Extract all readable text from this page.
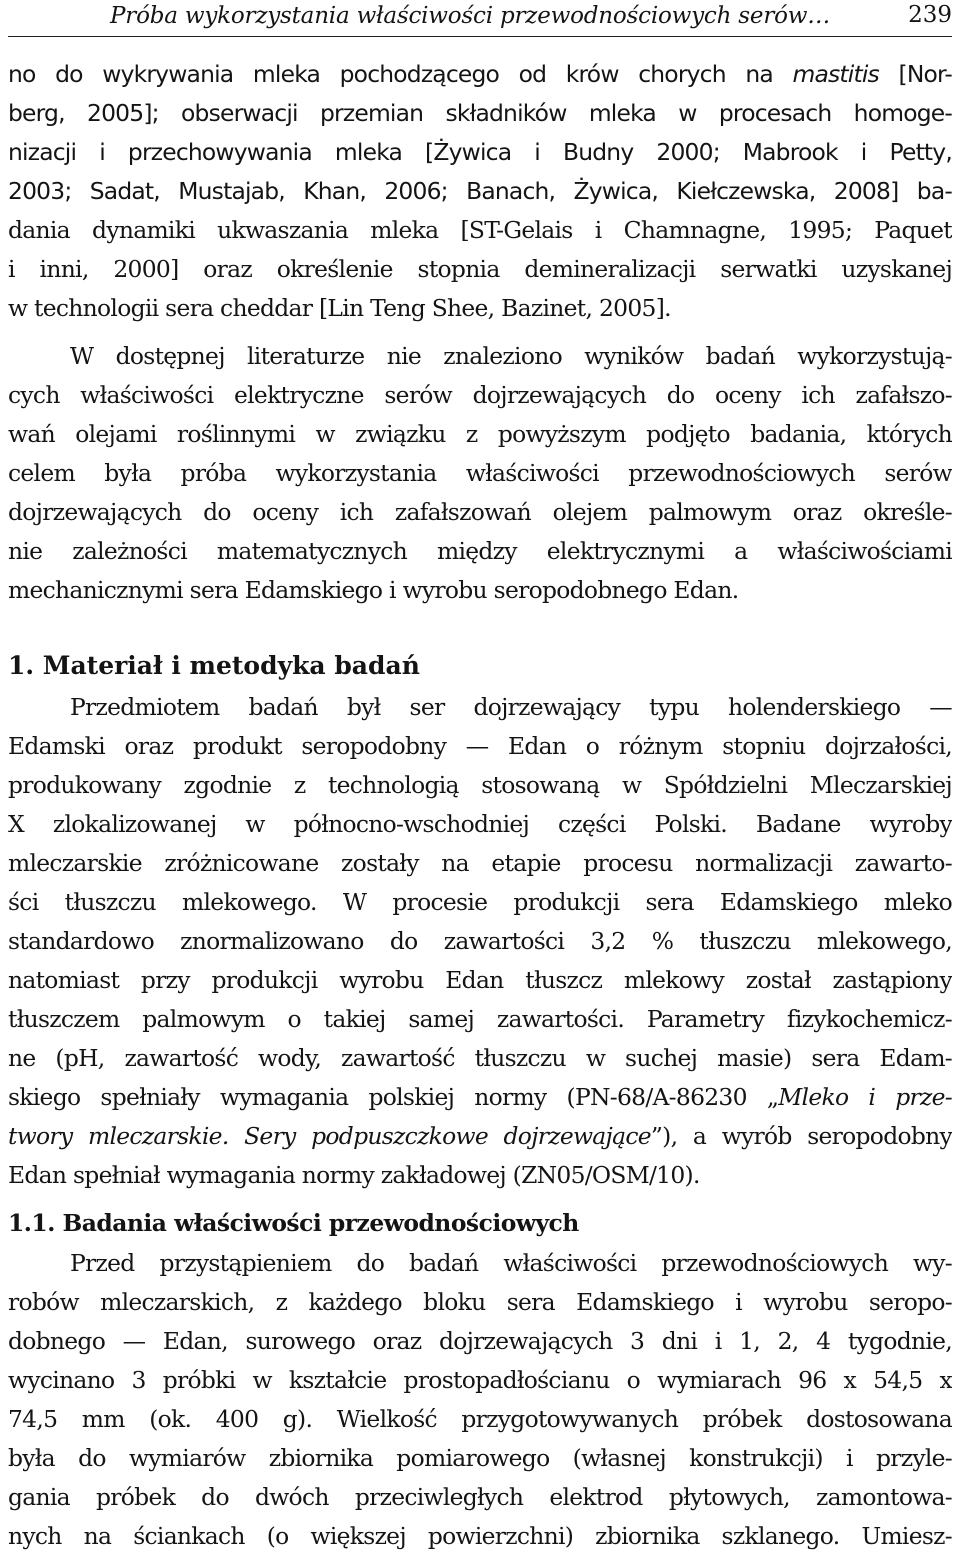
Próba wykorzystania właściwości przewodnościowych serów…	239
no do wykrywania mleka pochodzącego od krów chorych na mastitis [Nor-
berg, 2005]; obserwacji przemian składników mleka w procesach homoge-
nizacji i przechowywania mleka [Żywica i Budny 2000; Mabrook i Petty,
2003; Sadat, Mustajab, Khan, 2006; Banach, Żywica, Kiełczewska, 2008] ba-
dania dynamiki ukwaszania mleka [ST-Gelais i Chamnagne, 1995; Paquet
i inni, 2000] oraz określenie stopnia demineralizacji serwatki uzyskanej
w technologii sera cheddar [Lin Teng Shee, Bazinet, 2005].
W dostępnej literaturze nie znaleziono wyników badań wykorzystują-
cych właściwości elektryczne serów dojrzewających do oceny ich zafałszo-
wań olejami roślinnymi w związku z powyższym podjęto badania, których
celem była próba wykorzystania właściwości przewodnościowych serów
dojrzewających do oceny ich zafałszowań olejem palmowym oraz określe-
nie zależności matematycznych między elektrycznymi a właściwościami
mechanicznymi sera Edamskiego i wyrobu seropodobnego Edan.
1. Materiał i metodyka badań
Przedmiotem badań był ser dojrzewający typu holenderskiego —
Edamski oraz produkt seropodobny — Edan o różnym stopniu dojrzałości,
produkowany zgodnie z technologią stosowaną w Spółdzielni Mleczarskiej
X zlokalizowanej w północno-wschodniej części Polski. Badane wyroby
mleczarskie zróżnicowane zostały na etapie procesu normalizacji zawarto-
ści tłuszczu mlekowego. W procesie produkcji sera Edamskiego mleko
standardowo znormalizowano do zawartości 3,2 % tłuszczu mlekowego,
natomiast przy produkcji wyrobu Edan tłuszcz mlekowy został zastąpiony
tłuszczem palmowym o takiej samej zawartości. Parametry fizykochemicz-
ne (pH, zawartość wody, zawartość tłuszczu w suchej masie) sera Edam-
skiego spełniały wymagania polskiej normy (PN-68/A-86230 „Mleko i prze-
twory mleczarskie. Sery podpuszczkowe dojrzewające”), a wyrób seropodobny
Edan spełniał wymagania normy zakładowej (ZN05/OSM/10).
1.1. Badania właściwości przewodnościowych
Przed przystąpieniem do badań właściwości przewodnościowych wy-
robów mleczarskich, z każdego bloku sera Edamskiego i wyrobu seropo-
dobnego — Edan, surowego oraz dojrzewających 3 dni i 1, 2, 4 tygodnie,
wycinano 3 próbki w kształcie prostopadłościanu o wymiarach 96 x 54,5 x
74,5 mm (ok. 400 g). Wielkość przygotowywanych próbek dostosowana
była do wymiarów zbiornika pomiarowego (własnej konstrukcji) i przyle-
gania próbek do dwóch przeciwległych elektrod płytowych, zamontowa-
nych na ściankach (o większej powierzchni) zbiornika szklanego. Umiesz-
